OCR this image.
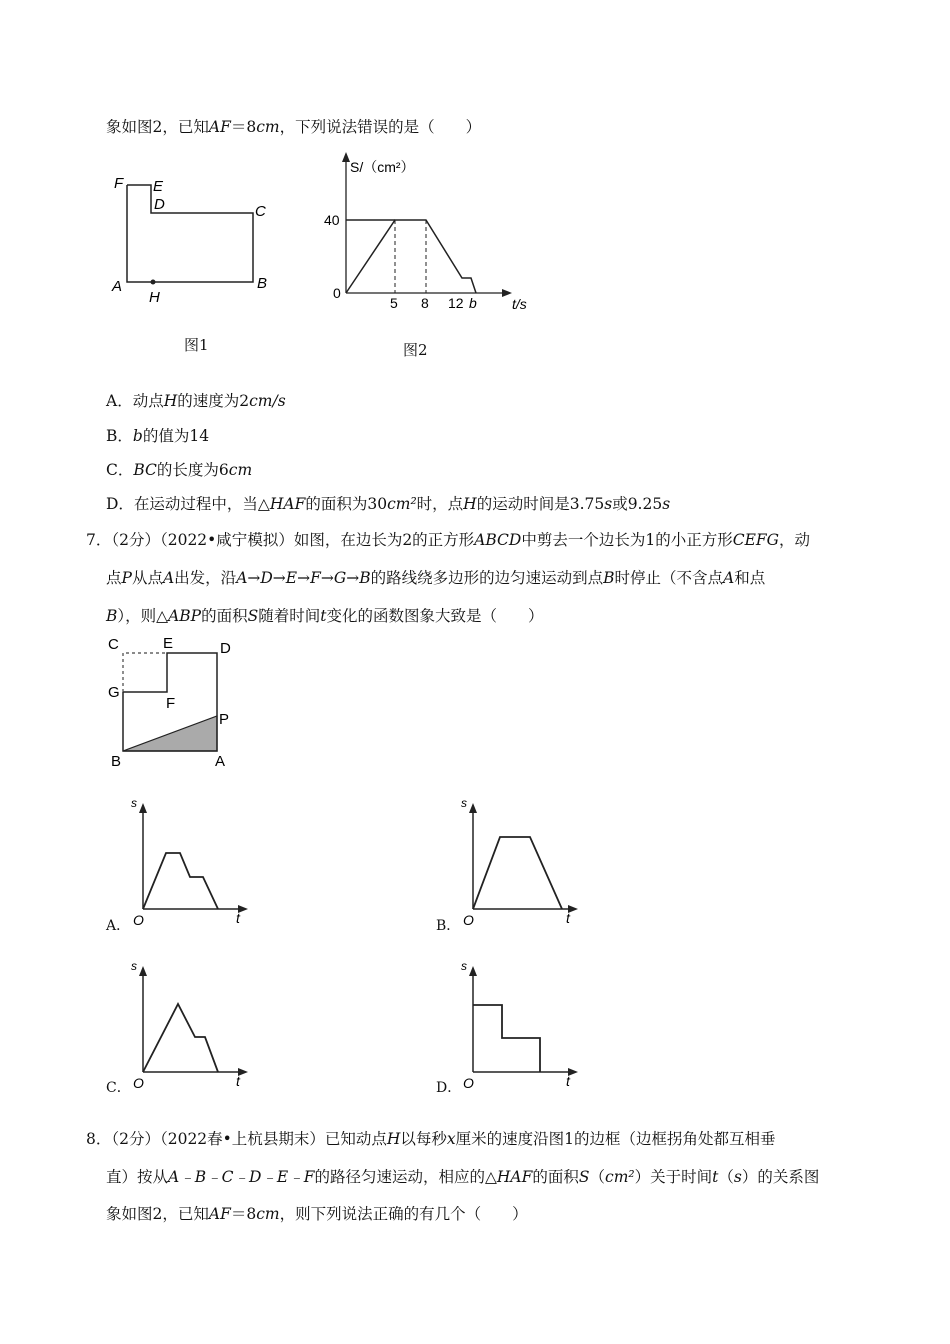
象如图2，已知AF＝8cm，下列说法错误的是（　　）
F E
D	C
A
H
B
图1
S/（cm²）
40
0
5 8 12 b	t/s
图2
A．动点H的速度为2cm/s
B．b的值为14
C．BC的长度为6cm
D．在运动过程中，当△HAF的面积为30cm²时，点H的运动时间是3.75s或9.25s
7．（2分）（2022•咸宁模拟）如图，在边长为2的正方形ABCD中剪去一个边长为1的小正方形CEFG，动
点P从点A出发，沿A→D→E→F→G→B的路线绕多边形的边匀速运动到点B时停止（不含点A和点
B），则△ABP的面积S随着时间t变化的函数图象大致是（　　）
C	E	D
G
F
P
B	A
s
O	t
A．
s
O	t
B．
s
O	t
C．
s
O	t
D．
8．（2分）（2022春•上杭县期末）已知动点H以每秒x厘米的速度沿图1的边框（边框拐角处都互相垂
直）按从A﹣B﹣C﹣D﹣E﹣F的路径匀速运动，相应的△HAF的面积S（cm²）关于时间t（s）的关系图
象如图2，已知AF＝8cm，则下列说法正确的有几个（　　）
